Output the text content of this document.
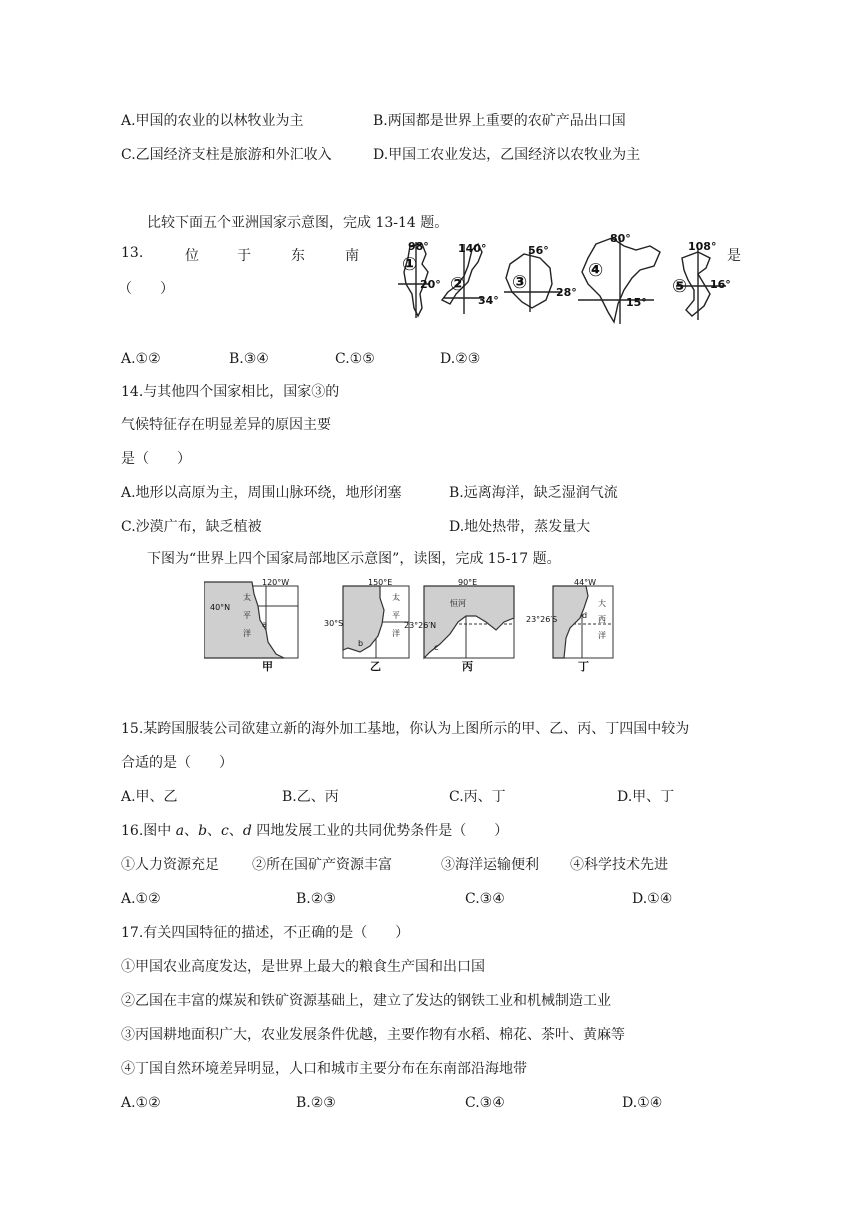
A.甲国的农业的以林牧业为主	B.两国都是世界上重要的农矿产品出口国
C.乙国经济支柱是旅游和外汇收入	D.甲国工农业发达，乙国经济以农牧业为主
比较下面五个亚洲国家示意图，完成 13-14 题。
13.	位	于	东	南	是
（　　）
98°
20°
①
140°
34°
②
56°
28°
③
80°
15°
④
108°
16°
⑤
A.①②	B.③④	C.①⑤	D.②③
14.与其他四个国家相比，国家③的
气候特征存在明显差异的原因主要
是（　　）
A.地形以高原为主，周围山脉环绕，地形闭塞	B.远离海洋，缺乏湿润气流
C.沙漠广布，缺乏植被	D.地处热带，蒸发量大
下图为“世界上四个国家局部地区示意图”，读图，完成 15-17 题。
120°W
40°N
太
平
洋
a
甲
150°E
30°S
太
平
洋
b
乙
90°E
23°26′N
恒河
c
丙
44°W
23°26′S
大
西
洋
d
丁
15.某跨国服装公司欲建立新的海外加工基地，你认为上图所示的甲、乙、丙、丁四国中较为
合适的是（　　）
A.甲、乙	B.乙、丙	C.丙、丁	D.甲、丁
16.图中 a、b、c、d 四地发展工业的共同优势条件是（　　）
①人力资源充足 ②所在国矿产资源丰富	③海洋运输便利 ④科学技术先进
A.①②	B.②③	C.③④	D.①④
17.有关四国特征的描述，不正确的是（　　）
①甲国农业高度发达，是世界上最大的粮食生产国和出口国
②乙国在丰富的煤炭和铁矿资源基础上，建立了发达的钢铁工业和机械制造工业
③丙国耕地面积广大，农业发展条件优越，主要作物有水稻、棉花、茶叶、黄麻等
④丁国自然环境差异明显，人口和城市主要分布在东南部沿海地带
A.①②	B.②③	C.③④	D.①④
